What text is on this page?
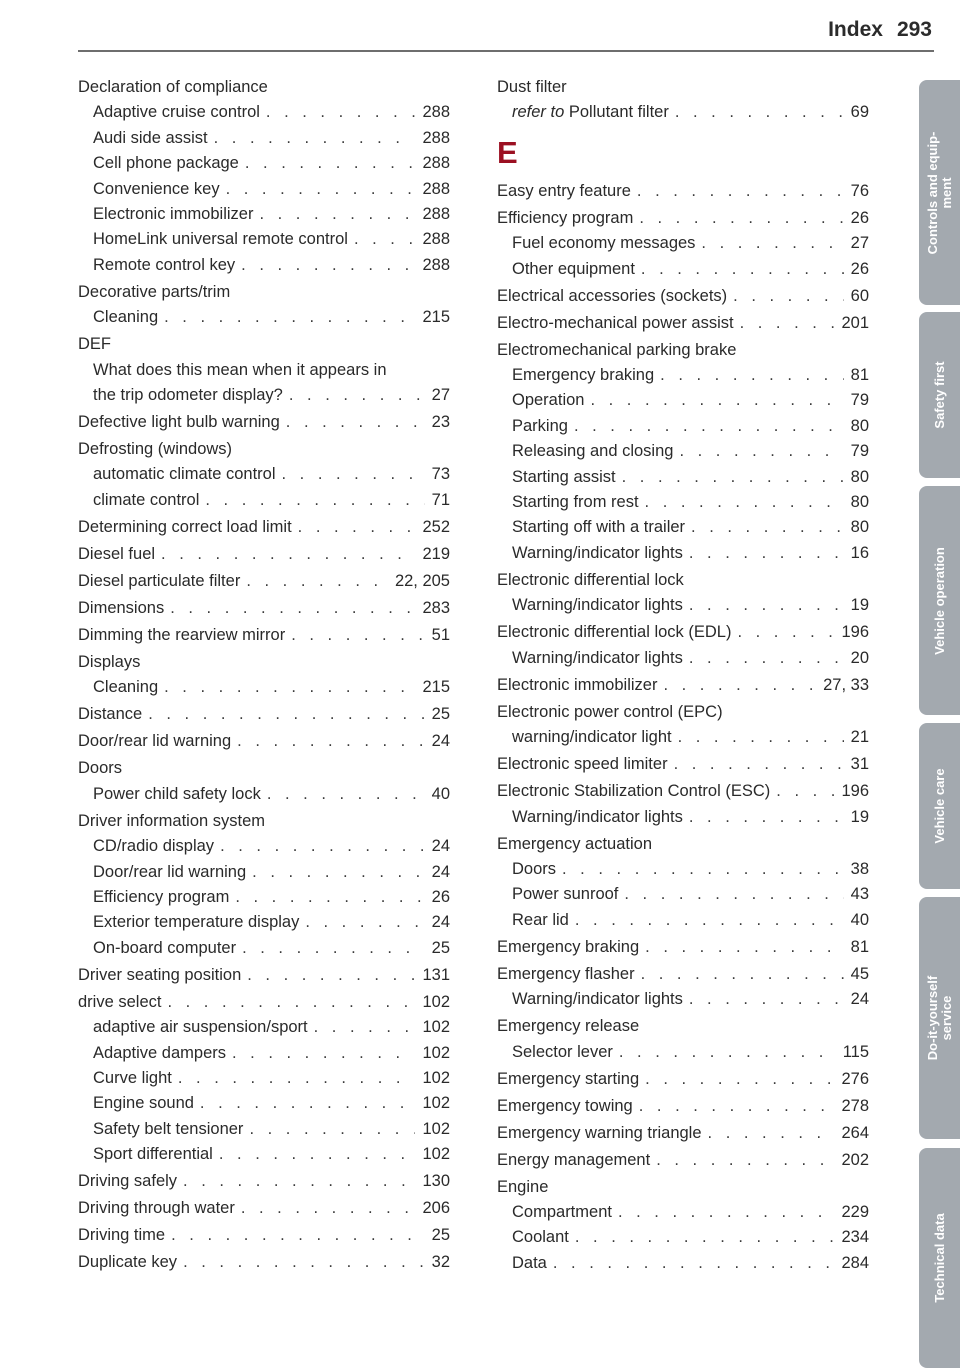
Index 293
Declaration of compliance
Adaptive cruise control . . .	288
Audi side assist . . .	288
Cell phone package . . .	288
Convenience key . . .	288
Electronic immobilizer . . .	288
HomeLink universal remote control . . .	288
Remote control key . . .	288
Decorative parts/trim
Cleaning . . .	215
DEF
What does this mean when it appears in
the trip odometer display? . . .	27
Defective light bulb warning . . .	23
Defrosting (windows)
automatic climate control . . .	73
climate control . . .	71
Determining correct load limit . . .	252
Diesel fuel . . .	219
Diesel particulate filter . . .	22, 205
Dimensions . . .	283
Dimming the rearview mirror . . .	51
Displays
Cleaning . . .	215
Distance . . .	25
Door/rear lid warning . . .	24
Doors
Power child safety lock . . .	40
Driver information system
CD/radio display . . .	24
Door/rear lid warning . . .	24
Efficiency program . . .	26
Exterior temperature display . . .	24
On-board computer . . .	25
Driver seating position . . .	131
drive select . . .	102
adaptive air suspension/sport . . .	102
Adaptive dampers . . .	102
Curve light . . .	102
Engine sound . . .	102
Safety belt tensioner . . .	102
Sport differential . . .	102
Driving safely . . .	130
Driving through water . . .	206
Driving time . . .	25
Duplicate key . . .	32
Dust filter
refer to Pollutant filter . . .	69
E
Easy entry feature . . .	76
Efficiency program . . .	26
Fuel economy messages . . .	27
Other equipment . . .	26
Electrical accessories (sockets) . . .	60
Electro-mechanical power assist . . .	201
Electromechanical parking brake
Emergency braking . . .	81
Operation . . .	79
Parking . . .	80
Releasing and closing . . .	79
Starting assist . . .	80
Starting from rest . . .	80
Starting off with a trailer . . .	80
Warning/indicator lights . . .	16
Electronic differential lock
Warning/indicator lights . . .	19
Electronic differential lock (EDL) . . .	196
Warning/indicator lights . . .	20
Electronic immobilizer . . .	27, 33
Electronic power control (EPC)
warning/indicator light . . .	21
Electronic speed limiter . . .	31
Electronic Stabilization Control (ESC) . . .	196
Warning/indicator lights . . .	19
Emergency actuation
Doors . . .	38
Power sunroof . . .	43
Rear lid . . .	40
Emergency braking . . .	81
Emergency flasher . . .	45
Warning/indicator lights . . .	24
Emergency release
Selector lever . . .	115
Emergency starting . . .	276
Emergency towing . . .	278
Emergency warning triangle . . .	264
Energy management . . .	202
Engine
Compartment . . .	229
Coolant . . .	234
Data . . .	284
Controls and equip-
ment
Safety first
Vehicle operation
Vehicle care
Do-it-yourself
service
Technical data
